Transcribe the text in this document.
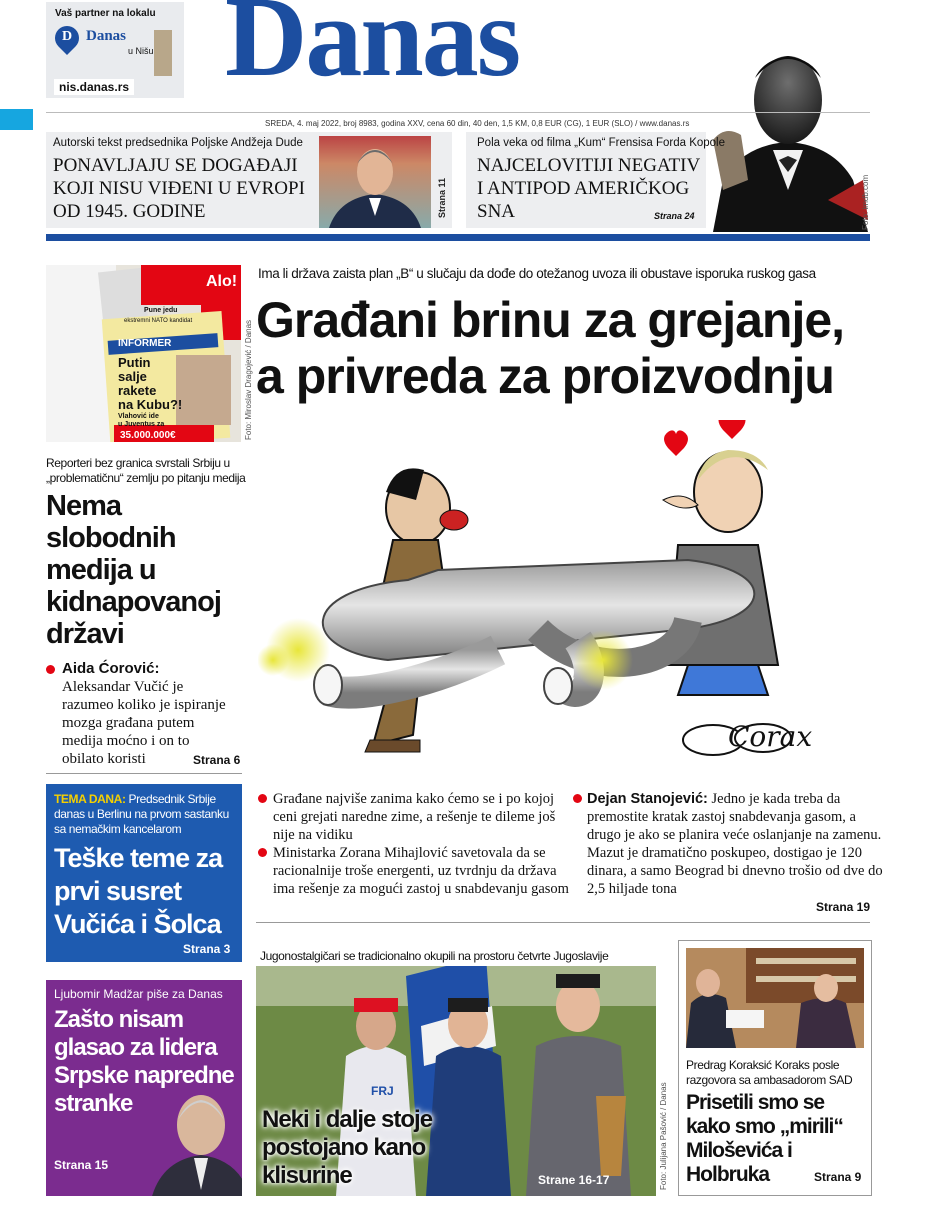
Vaš partner na lokalu
D Danas
u Nišu
nis.danas.rs Danas
Foto: imdb.com
SREDA, 4. maj 2022, broj 8983, godina XXV, cena 60 din, 40 den, 1,5 KM, 0,8 EUR (CG), 1 EUR (SLO) / www.danas.rs
Autorski tekst predsednika Poljske Andžeja Dude
PONAVLJAJU SE DOGAĐAJI KOJI NISU VIĐENI U EVROPI OD 1945. GODINE	Strana 11
Pola veka od filma „Kum“ Frensisa Forda Kopole
NAJCELOVITIJI NEGATIV I ANTIPOD AMERIČKOG SNA	Strana 24
Pune jedu
ekstremni NATO kandidat
INFORMER
Putin
salje
rakete
na Kubu?!
Vlahović ide
u Juventus za
35.000.000€
Alo!
Foto: Miroslav Dragojević / Danas
Ima li država zaista plan „B“ u slučaju da dođe do otežanog uvoza ili obustave isporuka ruskog gasa
Građani brinu za grejanje, a privreda za proizvodnju
Corax
Građane najviše zanima kako ćemo se i po kojoj ceni grejati naredne zime, a rešenje te dileme još nije na vidiku
Ministarka Zorana Mihajlović savetovala da se racionalnije troše energenti, uz tvrdnju da država ima rešenje za mogući zastoj u snabdevanju gasom
Dejan Stanojević: Jedno je kada treba da premostite kratak zastoj snabdevanja gasom, a drugo je ako se planira veće oslanjanje na zamenu. Mazut je dramatično poskupeo, dostigao je 120 dinara, a samo Beograd bi dnevno trošio od dve do 2,5 hiljade tona
Strana 19
Reporteri bez granica svrstali Srbiju u „problematičnu“ zemlju po pitanju medija
Nema slobodnih medija u kidnapovanoj državi
Aida Ćorović:
Aleksandar Vučić je razumeo koliko je ispiranje mozga građana putem medija moćno i on to obilato koristi	Strana 6
TEMA DANA: Predsednik Srbije danas u Berlinu na prvom sastanku sa nemačkim kancelarom
Teške teme za prvi susret Vučića i Šolca
Strana 3
Ljubomir Madžar piše za Danas
Zašto nisam glasao za lidera Srpske napredne stranke
Strana 15
Jugonostalgičari se tradicionalno okupili na prostoru četvrte Jugoslavije
FRJ
Neki i dalje stoje postojano kano klisurine	Strane 16-17	Foto: Julijana Pašović / Danas
Predrag Koraksić Koraks posle razgovora sa ambasadorom SAD
Prisetili smo se kako smo „mirili“ Miloševića i Holbruka	Strana 9
